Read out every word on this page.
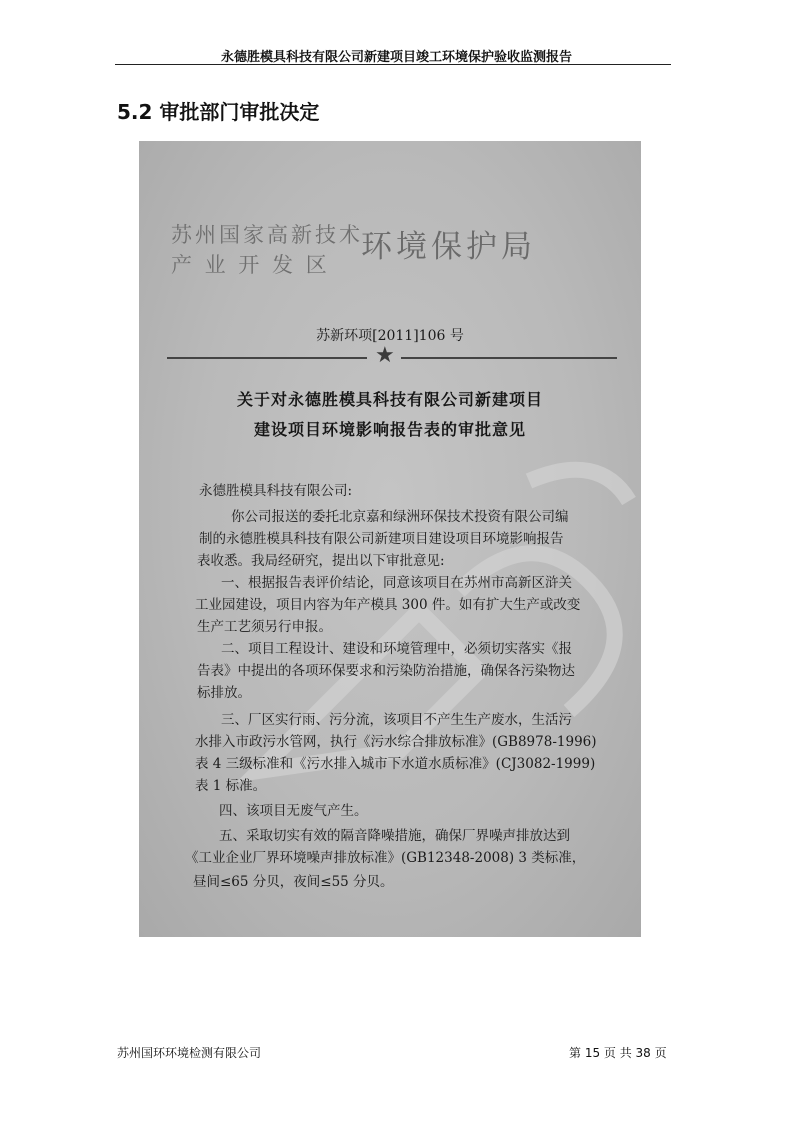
永德胜模具科技有限公司新建项目竣工环境保护验收监测报告
5.2 审批部门审批决定
苏州国家高新技术
产 业 开 发 区 环境保护局
苏新环项[2011]106 号
★
关于对永德胜模具科技有限公司新建项目
建设项目环境影响报告表的审批意见
永德胜模具科技有限公司:
你公司报送的委托北京嘉和绿洲环保技术投资有限公司编
制的永德胜模具科技有限公司新建项目建设项目环境影响报告
表收悉。我局经研究，提出以下审批意见:
一、根据报告表评价结论，同意该项目在苏州市高新区浒关
工业园建设，项目内容为年产模具 300 件。如有扩大生产或改变
生产工艺须另行申报。
二、项目工程设计、建设和环境管理中，必须切实落实《报
告表》中提出的各项环保要求和污染防治措施，确保各污染物达
标排放。
三、厂区实行雨、污分流，该项目不产生生产废水，生活污
水排入市政污水管网，执行《污水综合排放标准》(GB8978-1996)
表 4 三级标准和《污水排入城市下水道水质标准》(CJ3082-1999)
表 1 标准。
四、该项目无废气产生。
五、采取切实有效的隔音降噪措施，确保厂界噪声排放达到
《工业企业厂界环境噪声排放标准》(GB12348-2008) 3 类标准，
昼间≤65 分贝，夜间≤55 分贝。
苏州国环环境检测有限公司	第 15 页 共 38 页
